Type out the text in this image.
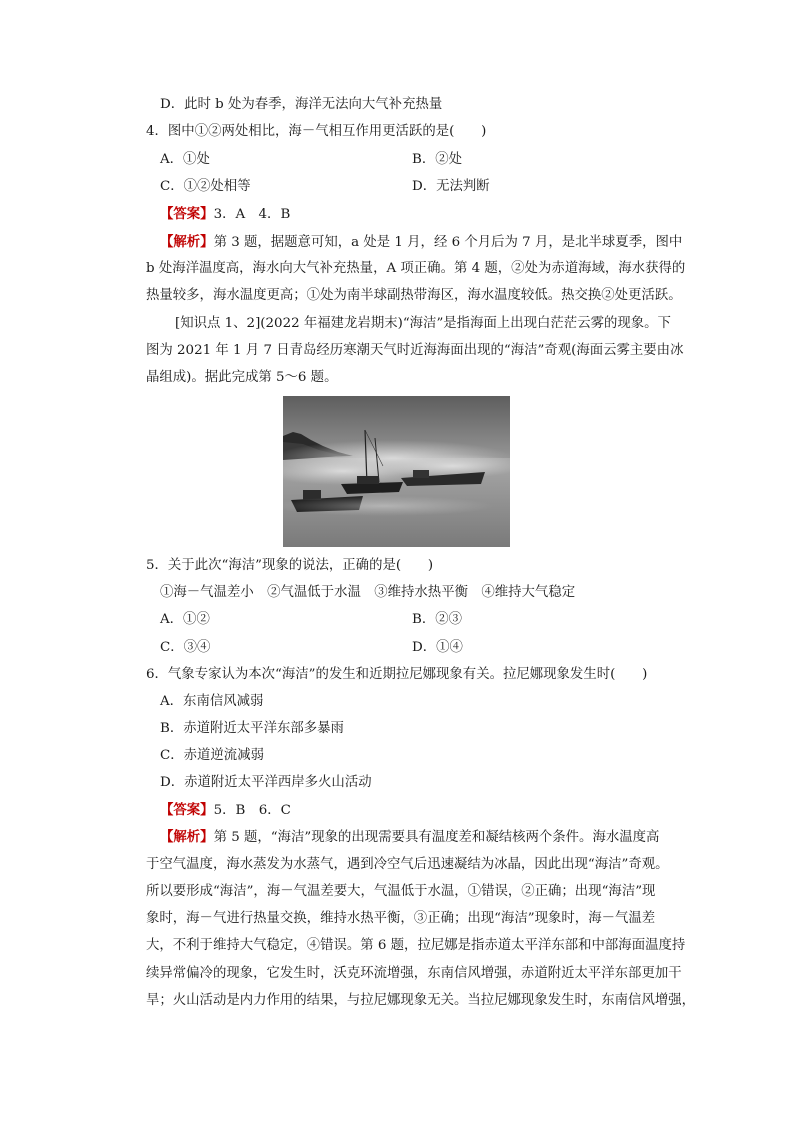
D．此时 b 处为春季，海洋无法向大气补充热量
4．图中①②两处相比，海－气相互作用更活跃的是(　　)
A．①处	B．②处
C．①②处相等	D．无法判断
【答案】3．A　4．B
【解析】第 3 题，据题意可知，a 处是 1 月，经 6 个月后为 7 月，是北半球夏季，图中
b 处海洋温度高，海水向大气补充热量，A 项正确。第 4 题，②处为赤道海域，海水获得的
热量较多，海水温度更高；①处为南半球副热带海区，海水温度较低。热交换②处更活跃。
[知识点 1、2](2022 年福建龙岩期末)“海洁”是指海面上出现白茫茫云雾的现象。下
图为 2021 年 1 月 7 日青岛经历寒潮天气时近海海面出现的“海洁”奇观(海面云雾主要由冰
晶组成)。据此完成第 5～6 题。
5．关于此次“海洁”现象的说法，正确的是(　　)
①海－气温差小　②气温低于水温　③维持水热平衡　④维持大气稳定
A．①②	B．②③
C．③④	D．①④
6．气象专家认为本次“海洁”的发生和近期拉尼娜现象有关。拉尼娜现象发生时(　　)
A．东南信风减弱
B．赤道附近太平洋东部多暴雨
C．赤道逆流减弱
D．赤道附近太平洋西岸多火山活动
【答案】5．B　6．C
【解析】第 5 题，“海洁”现象的出现需要具有温度差和凝结核两个条件。海水温度高
于空气温度，海水蒸发为水蒸气，遇到冷空气后迅速凝结为冰晶，因此出现“海洁”奇观。
所以要形成“海洁”，海－气温差要大，气温低于水温，①错误，②正确；出现“海洁”现
象时，海－气进行热量交换，维持水热平衡，③正确；出现“海洁”现象时，海－气温差
大，不利于维持大气稳定，④错误。第 6 题，拉尼娜是指赤道太平洋东部和中部海面温度持
续异常偏冷的现象，它发生时，沃克环流增强，东南信风增强，赤道附近太平洋东部更加干
旱；火山活动是内力作用的结果，与拉尼娜现象无关。当拉尼娜现象发生时，东南信风增强，
